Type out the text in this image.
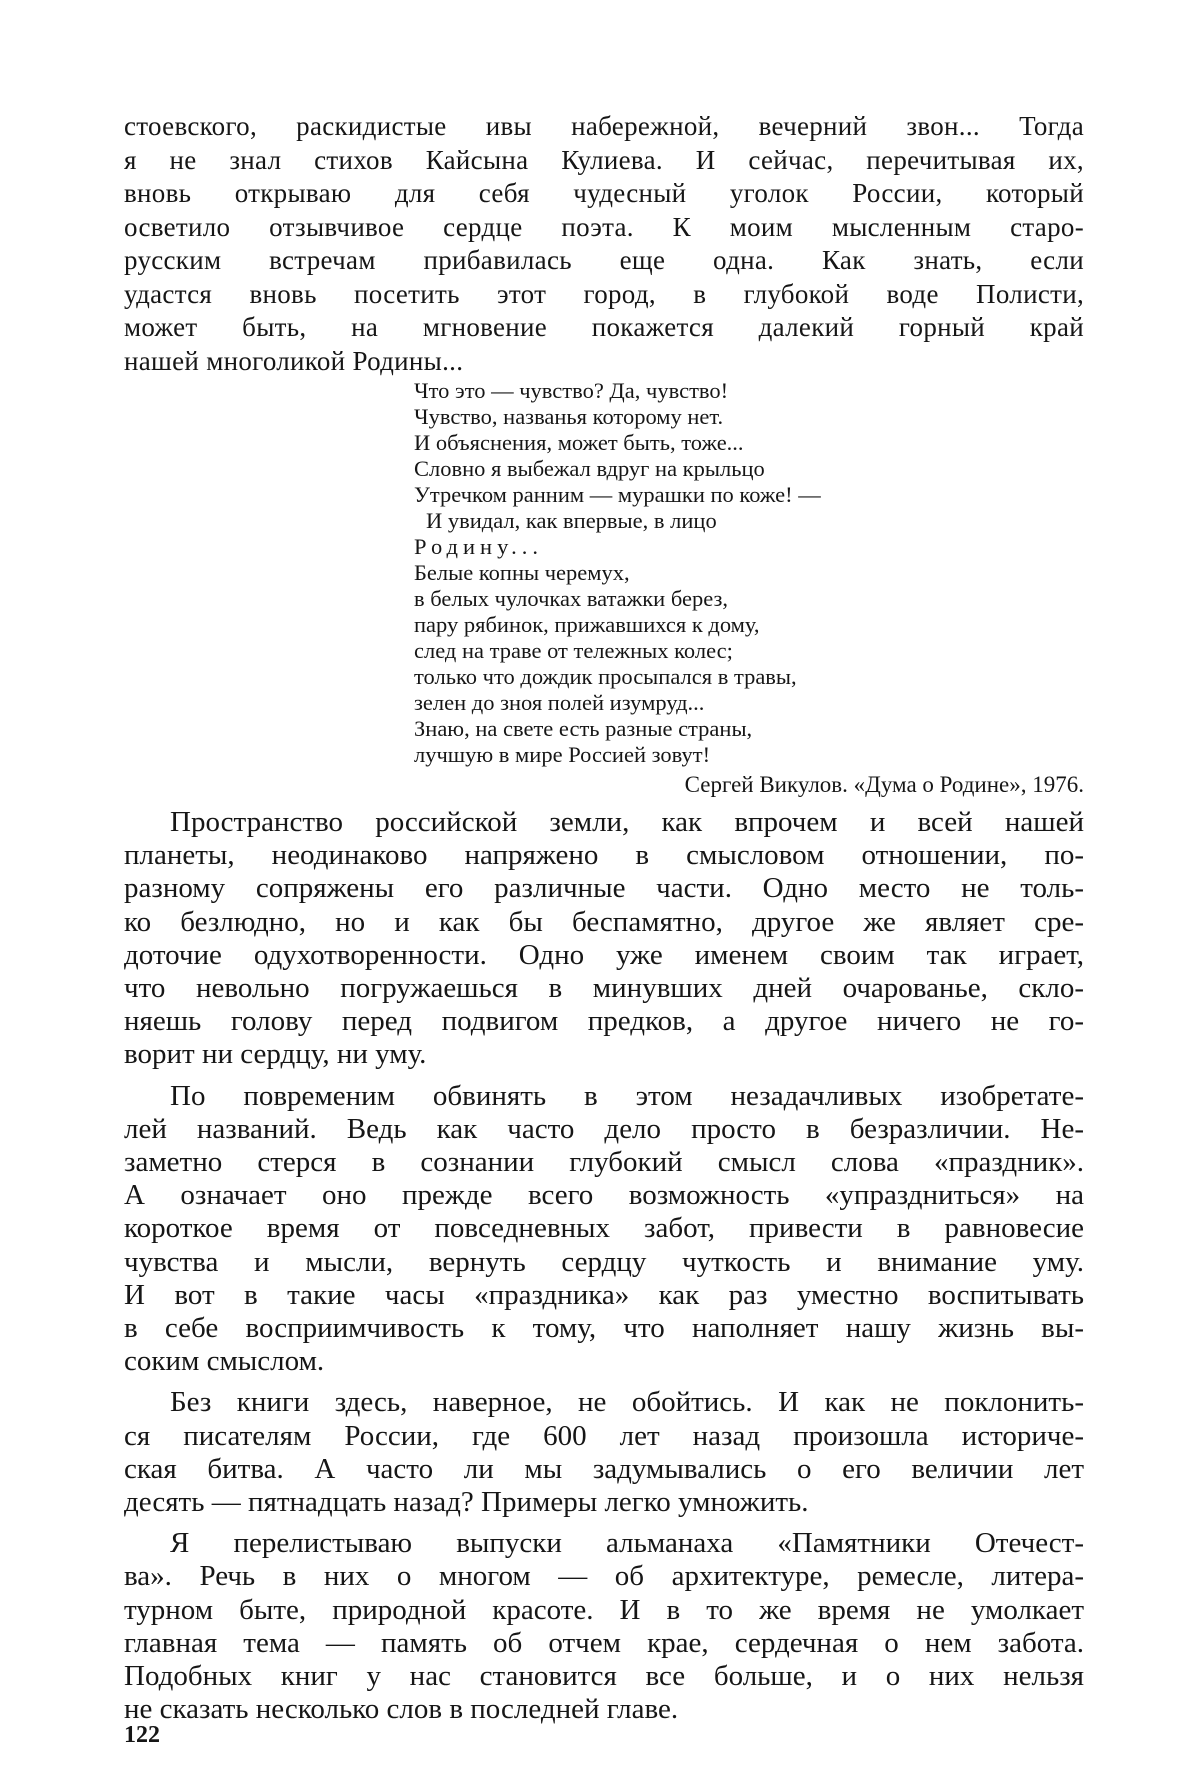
стоевского, раскидистые ивы набережной, вечерний звон... Тогда
я не знал стихов Кайсына Кулиева. И сейчас, перечитывая их,
вновь открываю для себя чудесный уголок России, который
осветило отзывчивое сердце поэта. К моим мысленным старо-
русским встречам прибавилась еще одна. Как знать, если
удастся вновь посетить этот город, в глубокой воде Полисти,
может быть, на мгновение покажется далекий горный край
нашей многоликой Родины...
Что это — чувство? Да, чувство!
Чувство, названья которому нет.
И объяснения, может быть, тоже...
Словно я выбежал вдруг на крыльцо
Утречком ранним — мурашки по коже! —
И увидал, как впервые, в лицо
Родину...
Белые копны черемух,
в белых чулочках ватажки берез,
пару рябинок, прижавшихся к дому,
след на траве от тележных колес;
только что дождик просыпался в травы,
зелен до зноя полей изумруд...
Знаю, на свете есть разные страны,
лучшую в мире Россией зовут!
Сергей Викулов. «Дума о Родине», 1976.

Пространство российской земли, как впрочем и всей нашей
планеты, неодинаково напряжено в смысловом отношении, по-
разному сопряжены его различные части. Одно место не толь-
ко безлюдно, но и как бы беспамятно, другое же являет сре-
доточие одухотворенности. Одно уже именем своим так играет,
что невольно погружаешься в минувших дней очарованье, скло-
няешь голову перед подвигом предков, а другое ничего не го-
ворит ни сердцу, ни уму.

По повременим обвинять в этом незадачливых изобретате-
лей названий. Ведь как часто дело просто в безразличии. Не-
заметно стерся в сознании глубокий смысл слова «праздник».
А означает оно прежде всего возможность «упраздниться» на
короткое время от повседневных забот, привести в равновесие
чувства и мысли, вернуть сердцу чуткость и внимание уму.
И вот в такие часы «праздника» как раз уместно воспитывать
в себе восприимчивость к тому, что наполняет нашу жизнь вы-
соким смыслом.

Без книги здесь, наверное, не обойтись. И как не поклонить-
ся писателям России, где 600 лет назад произошла историче-
ская битва. А часто ли мы задумывались о его величии лет
десять — пятнадцать назад? Примеры легко умножить.

Я перелистываю выпуски альманаха «Памятники Отечест-
ва». Речь в них о многом — об архитектуре, ремесле, литера-
турном быте, природной красоте. И в то же время не умолкает
главная тема — память об отчем крае, сердечная о нем забота.
Подобных книг у нас становится все больше, и о них нельзя
не сказать несколько слов в последней главе.

122
